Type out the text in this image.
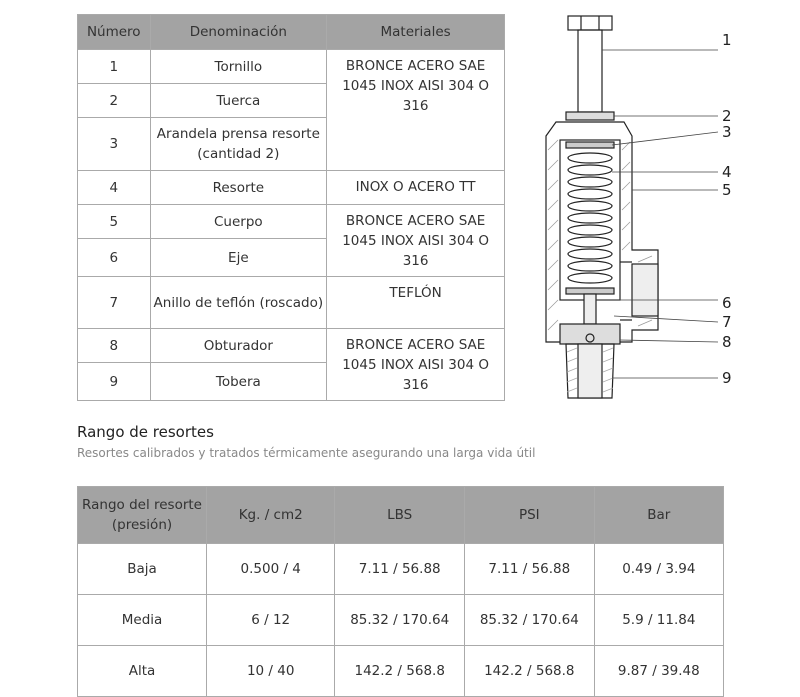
Número	Denominación	Materiales
1	Tornillo	BRONCE ACERO SAE 1045 INOX AISI 304 O 316
2	Tuerca	
3	Arandela prensa resorte (cantidad 2)	
4	Resorte	INOX O ACERO TT
5	Cuerpo	BRONCE ACERO SAE 1045 INOX AISI 304 O 316
6	Eje	
7	Anillo de teflón (roscado)	TEFLÓN
8	Obturador	BRONCE ACERO SAE 1045 INOX AISI 304 O 316
9	Tobera	
1
2
3
4
5
6
7
8
9
Rango de resortes
Resortes calibrados y tratados térmicamente asegurando una larga vida útil
Rango del resorte (presión)	Kg. / cm2	LBS	PSI	Bar
Baja	0.500 / 4	7.11 / 56.88	7.11 / 56.88	0.49 / 3.94
Media	6 / 12	85.32 / 170.64	85.32 / 170.64	5.9 / 11.84
Alta	10 / 40	142.2 / 568.8	142.2 / 568.8	9.87 / 39.48
